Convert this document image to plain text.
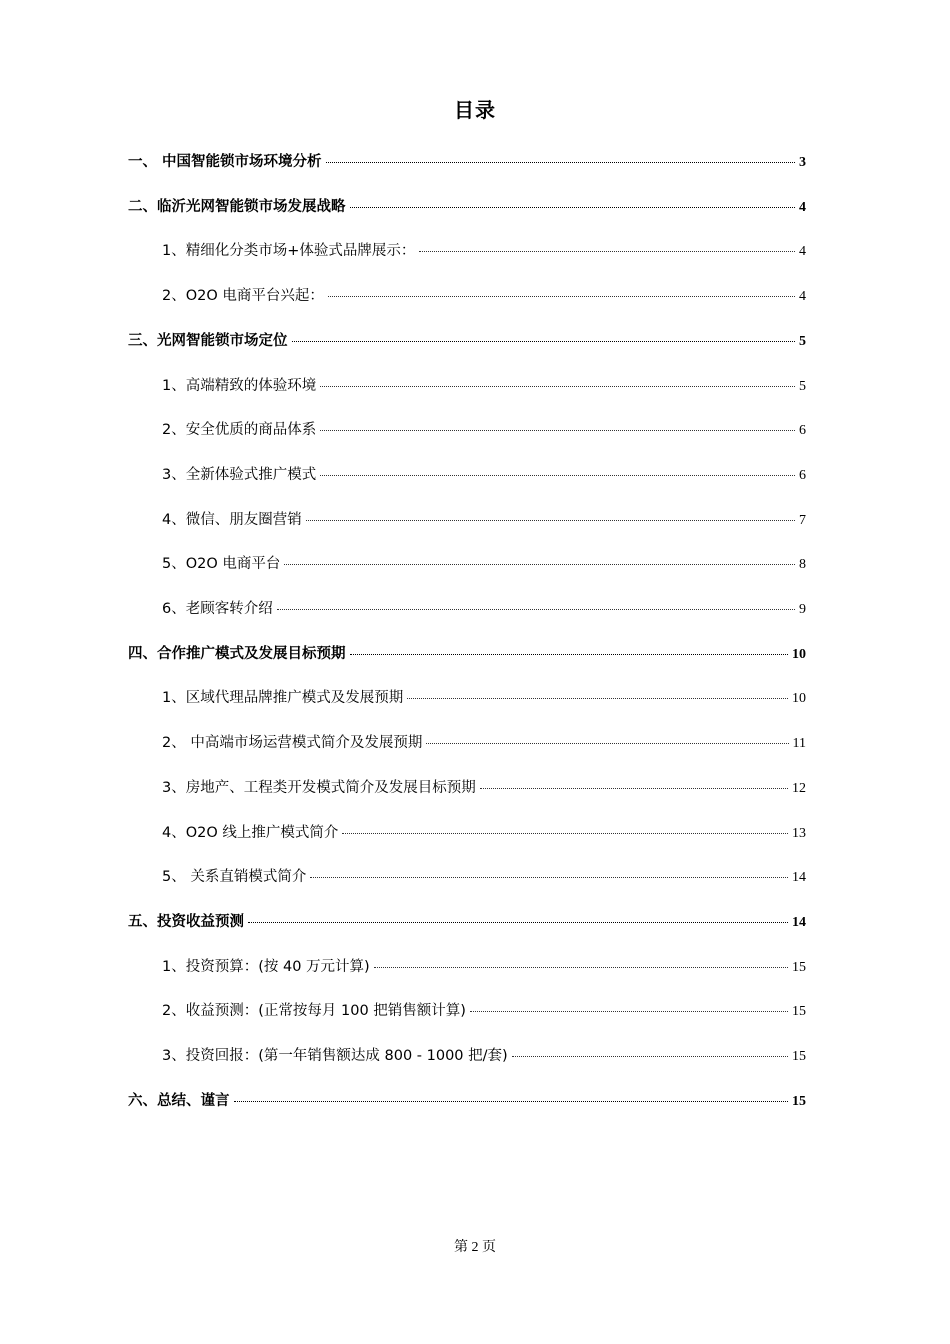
目录
一、 中国智能锁市场环境分析	3
二、临沂光网智能锁市场发展战略	4
1、精细化分类市场+体验式品牌展示：	4
2、O2O 电商平台兴起：	4
三、光网智能锁市场定位	5
1、高端精致的体验环境	5
2、安全优质的商品体系	6
3、全新体验式推广模式	6
4、微信、朋友圈营销	7
5、O2O 电商平台	8
6、老顾客转介绍	9
四、合作推广模式及发展目标预期	10
1、区域代理品牌推广模式及发展预期	10
2、 中高端市场运营模式简介及发展预期	11
3、房地产、工程类开发模式简介及发展目标预期	12
4、O2O 线上推广模式简介	13
5、 关系直销模式简介	14
五、投资收益预测	14
1、投资预算：(按 40 万元计算)	15
2、收益预测：(正常按每月 100 把销售额计算)	15
3、投资回报：(第一年销售额达成 800 - 1000 把/套)	15
六、总结、谨言	15
第 2 页
